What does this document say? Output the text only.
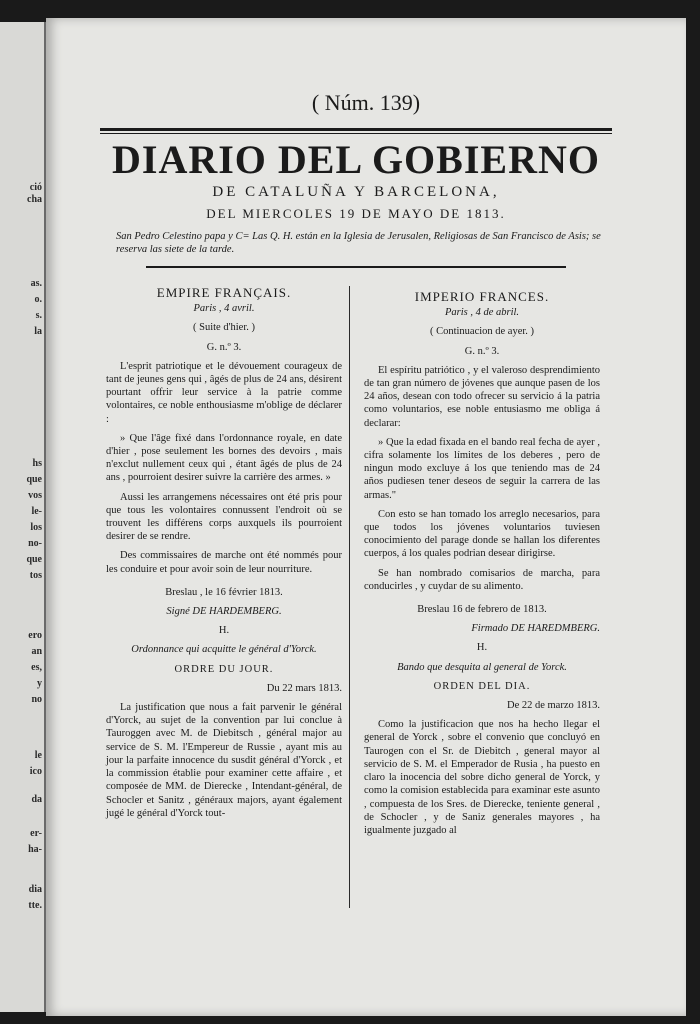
ció
cha
as.
o.
s.
la
hs
que
vos
le-
los
no-
que
tos
ero
an
es,
y
no
le
ico
da
er-
ha-
dia
tte.
( Núm. 139)
DIARIO DEL GOBIERNO
DE CATALUÑA Y BARCELONA,
DEL MIERCOLES 19 DE MAYO DE 1813.
San Pedro Celestino papa y C= Las Q. H. están en la Iglesia de Jerusalen, Religiosas de San Francisco de Asis; se reserva las siete de la tarde.

EMPIRE FRANÇAIS.

Paris , 4 avril.

( Suite d'hier. )

G. n.º 3.

L'esprit patriotique et le dévouement courageux de tant de jeunes gens qui , âgés de plus de 24 ans, désirent pourtant offrir leur service à la patrie comme volontaires, ce noble enthousiasme m'oblige de déclarer :

» Que l'âge fixé dans l'ordonnance royale, en date d'hier , pose seulement les bornes des devoirs , mais n'exclut nullement ceux qui , étant âgés de plus de 24 ans , pourroient desirer suivre la carrière des armes. »

Aussi les arrangemens nécessaires ont été pris pour que tous les volontaires connussent l'endroit où se trouvent les différens corps auxquels ils pourroient desirer de se rendre.

Des commissaires de marche ont été nommés pour les conduire et pour avoir soin de leur nourriture.

Breslau , le 16 février 1813.

Signé DE HARDEMBERG.

H.

Ordonnance qui acquitte le général d'Yorck.

ORDRE DU JOUR.

Du 22 mars 1813.

La justification que nous a fait parvenir le général d'Yorck, au sujet de la convention par lui conclue à Tauroggen avec M. de Diebitsch , général major au service de S. M. l'Empereur de Russie , ayant mis au jour la parfaite innocence du susdit général d'Yorck , et la commission établie pour examiner cette affaire , et composée de MM. de Dierecke , Intendant-général, de Schocler et Sanitz , généraux majors, ayant également jugé le général d'Yorck tout-

IMPERIO FRANCES.

Paris , 4 de abril.

( Continuacion de ayer. )

G. n.º 3.

El espíritu patriótico , y el valeroso desprendimiento de tan gran número de jóvenes que aunque pasen de los 24 años, desean con todo ofrecer su servicio á la patria como voluntarios, ese noble entusiasmo me obliga á declarar:

» Que la edad fixada en el bando real fecha de ayer , cifra solamente los límites de los deberes , pero de ningun modo excluye á los que teniendo mas de 24 años pudiesen tener deseos de seguir la carrera de las armas."

Con esto se han tomado los arreglo necesarios, para que todos los jóvenes voluntarios tuviesen conocimiento del parage donde se hallan los diferentes cuerpos, á los quales podrian desear dirigirse.

Se han nombrado comisarios de marcha, para conducirles , y cuydar de su alimento.

Breslau 16 de febrero de 1813.

Firmado DE HAREDMBERG.

H.

Bando que desquita al general de Yorck.

ORDEN DEL DIA.

De 22 de marzo 1813.

Como la justificacion que nos ha hecho llegar el general de Yorck , sobre el convenio que concluyó en Taurogen con el Sr. de Diebitch , general mayor al servicio de S. M. el Emperador de Rusia , ha puesto en claro la inocencia del sobre dicho general de Yorck, y como la comision establecida para examinar este asunto , compuesta de los Sres. de Dierecke, teniente general , de Schocler , y de Saniz generales mayores , ha igualmente juzgado al
